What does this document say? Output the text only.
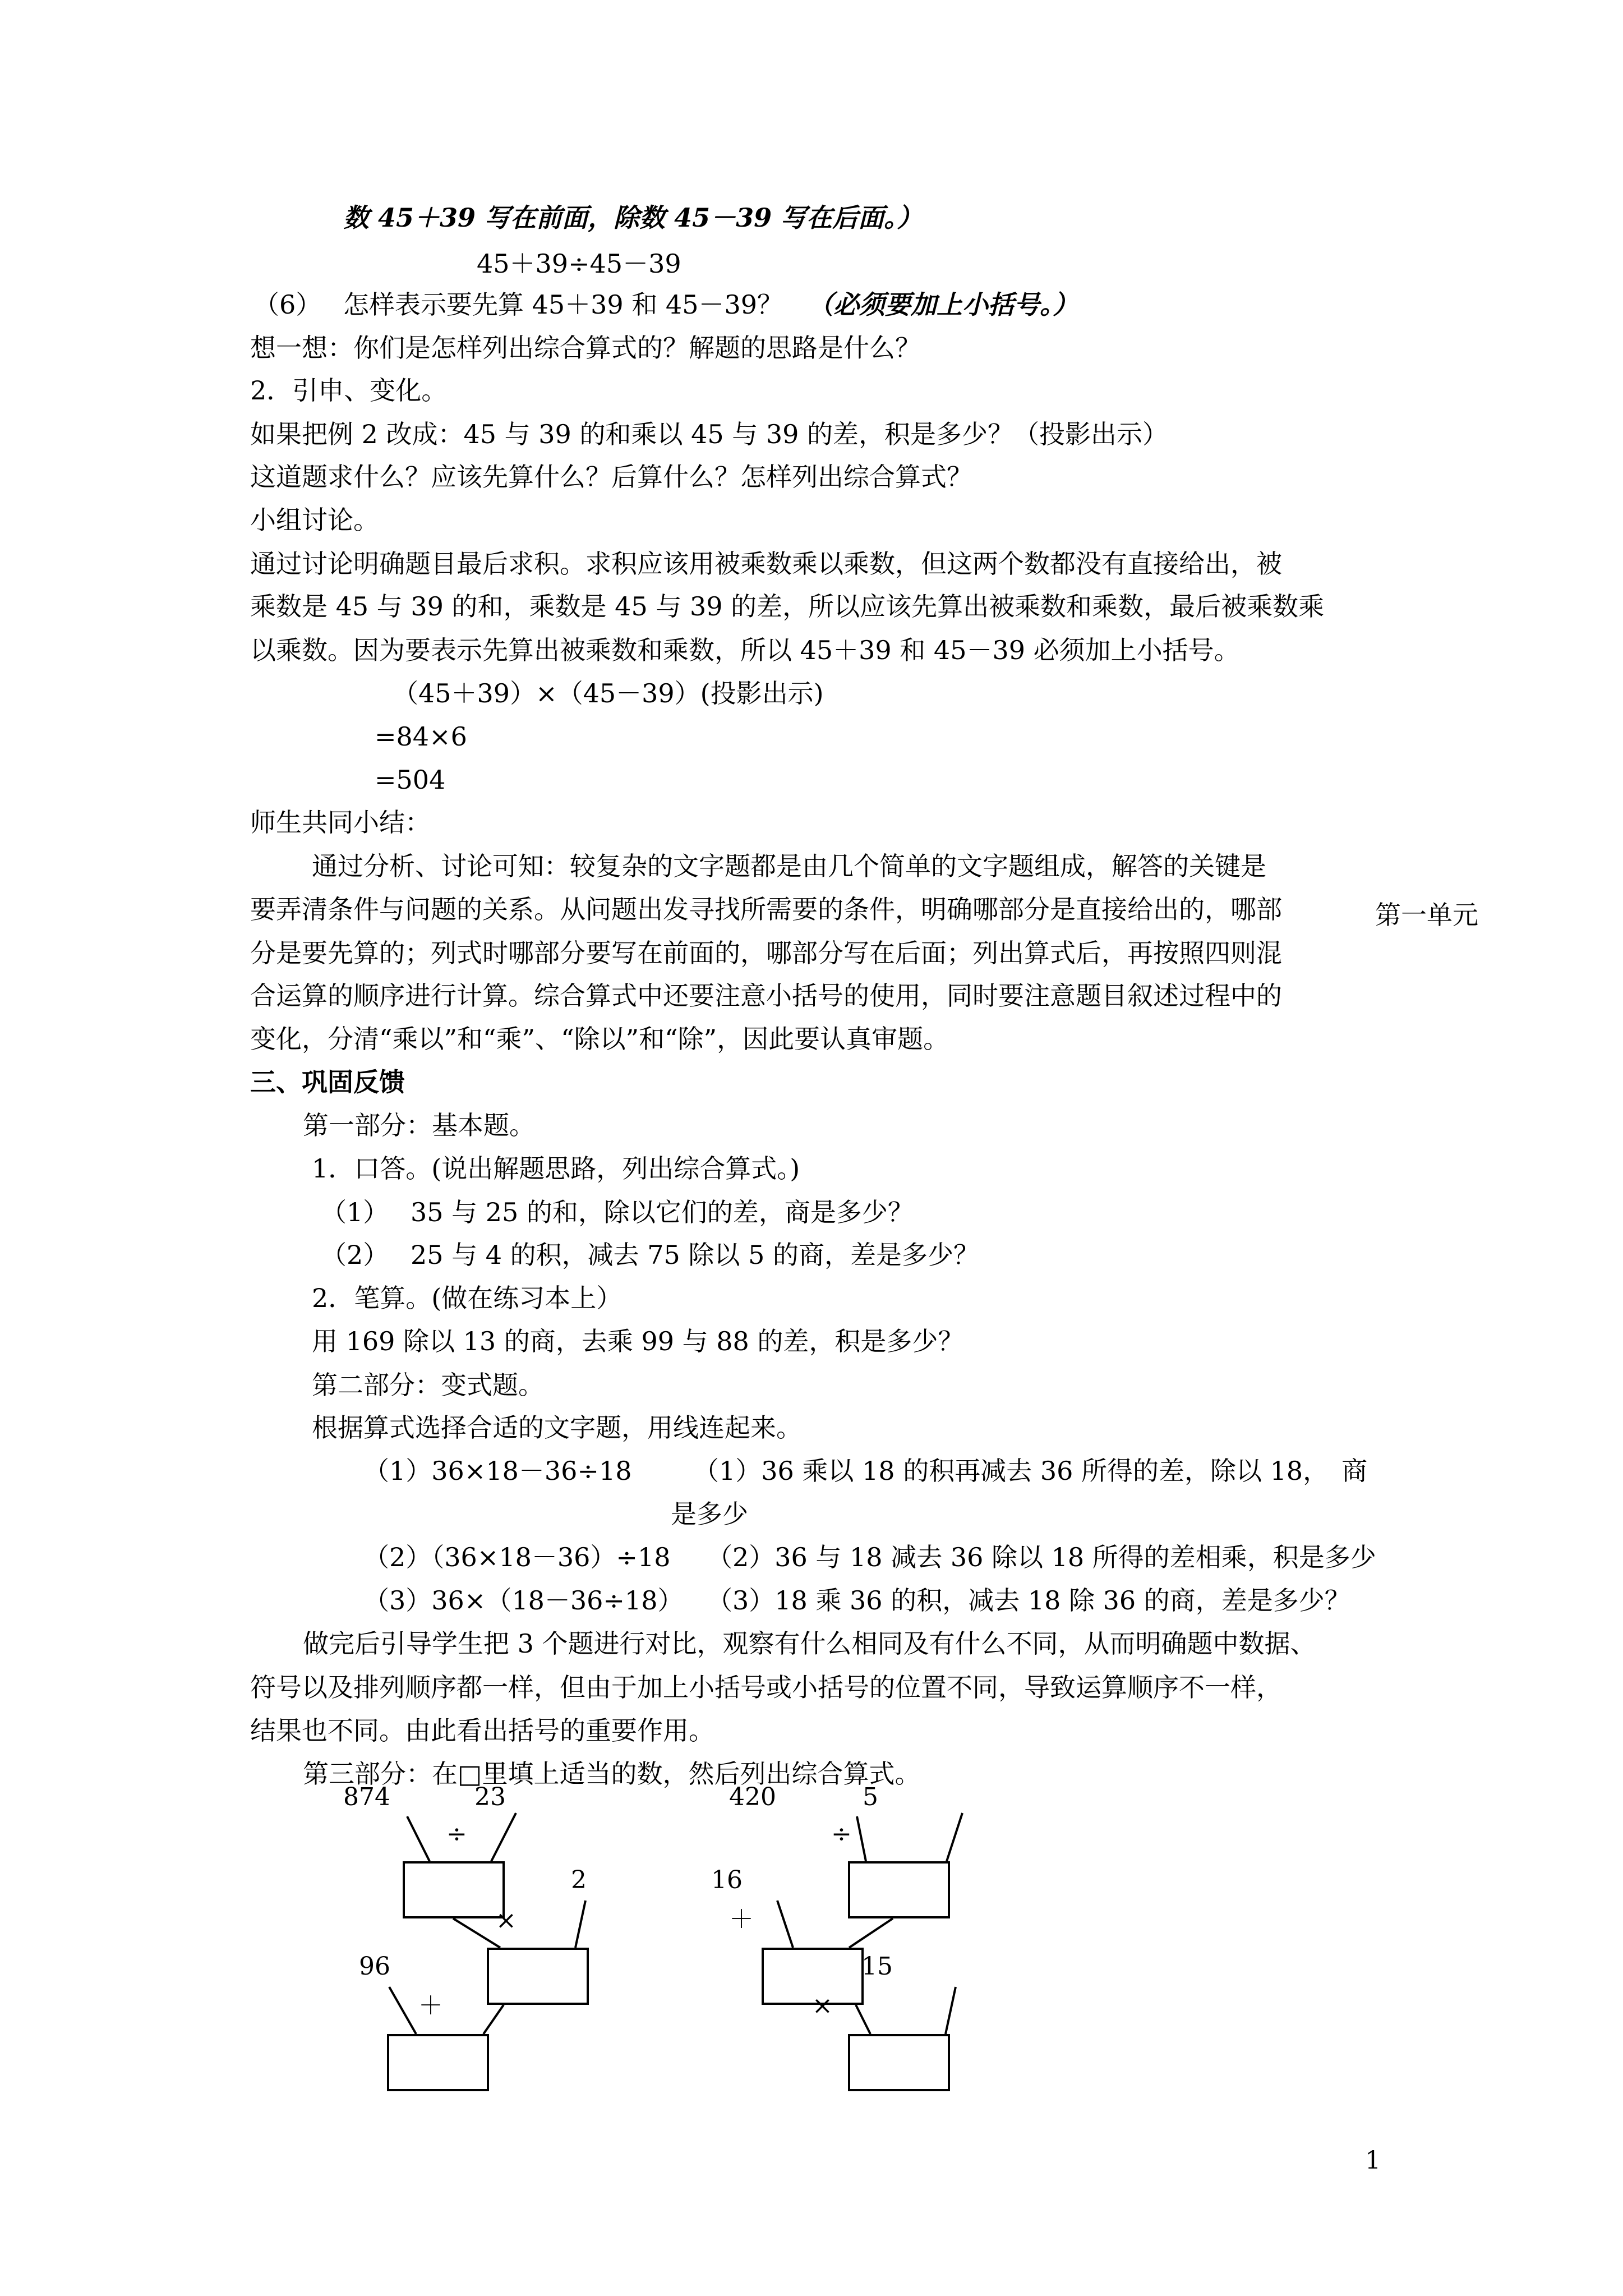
数 45＋39 写在前面，除数 45－39 写在后面。）
45＋39÷45－39
（6） 怎样表示要先算 45＋39 和 45－39？ （必须要加上小括号。）
想一想：你们是怎样列出综合算式的？解题的思路是什么？
2．引申、变化。
如果把例 2 改成：45 与 39 的和乘以 45 与 39 的差，积是多少？（投影出示）
这道题求什么？应该先算什么？后算什么？怎样列出综合算式？
小组讨论。
通过讨论明确题目最后求积。求积应该用被乘数乘以乘数，但这两个数都没有直接给出，被
乘数是 45 与 39 的和，乘数是 45 与 39 的差，所以应该先算出被乘数和乘数，最后被乘数乘
以乘数。因为要表示先算出被乘数和乘数，所以 45＋39 和 45－39 必须加上小括号。
（45＋39）×（45－39）(投影出示)
=84×6
=504
师生共同小结：
通过分析、讨论可知：较复杂的文字题都是由几个简单的文字题组成，解答的关键是
要弄清条件与问题的关系。从问题出发寻找所需要的条件，明确哪部分是直接给出的，哪部
分是要先算的；列式时哪部分要写在前面的，哪部分写在后面；列出算式后，再按照四则混
合运算的顺序进行计算。综合算式中还要注意小括号的使用，同时要注意题目叙述过程中的
变化，分清“乘以”和“乘”、“除以”和“除”，因此要认真审题。
三、巩固反馈
第一部分：基本题。
1．口答。(说出解题思路，列出综合算式。)
（1） 35 与 25 的和，除以它们的差，商是多少？
（2） 25 与 4 的积，减去 75 除以 5 的商，差是多少？
2．笔算。(做在练习本上）
用 169 除以 13 的商，去乘 99 与 88 的差，积是多少？
第二部分：变式题。
根据算式选择合适的文字题，用线连起来。
（1）36×18－36÷18 （1）36 乘以 18 的积再减去 36 所得的差，除以 18，　商
是多少
（2）（36×18－36）÷18 （2）36 与 18 减去 36 除以 18 所得的差相乘，积是多少
（3）36×（18－36÷18） （3）18 乘 36 的积，减去 18 除 36 的商，差是多少？
做完后引导学生把 3 个题进行对比，观察有什么相同及有什么不同，从而明确题中数据、
符号以及排列顺序都一样，但由于加上小括号或小括号的位置不同，导致运算顺序不一样，
结果也不同。由此看出括号的重要作用。
第三部分：在□里填上适当的数，然后列出综合算式。
第一单元
874	23
÷
2
×
96
＋
420	5
÷
16
＋
15
×
1
